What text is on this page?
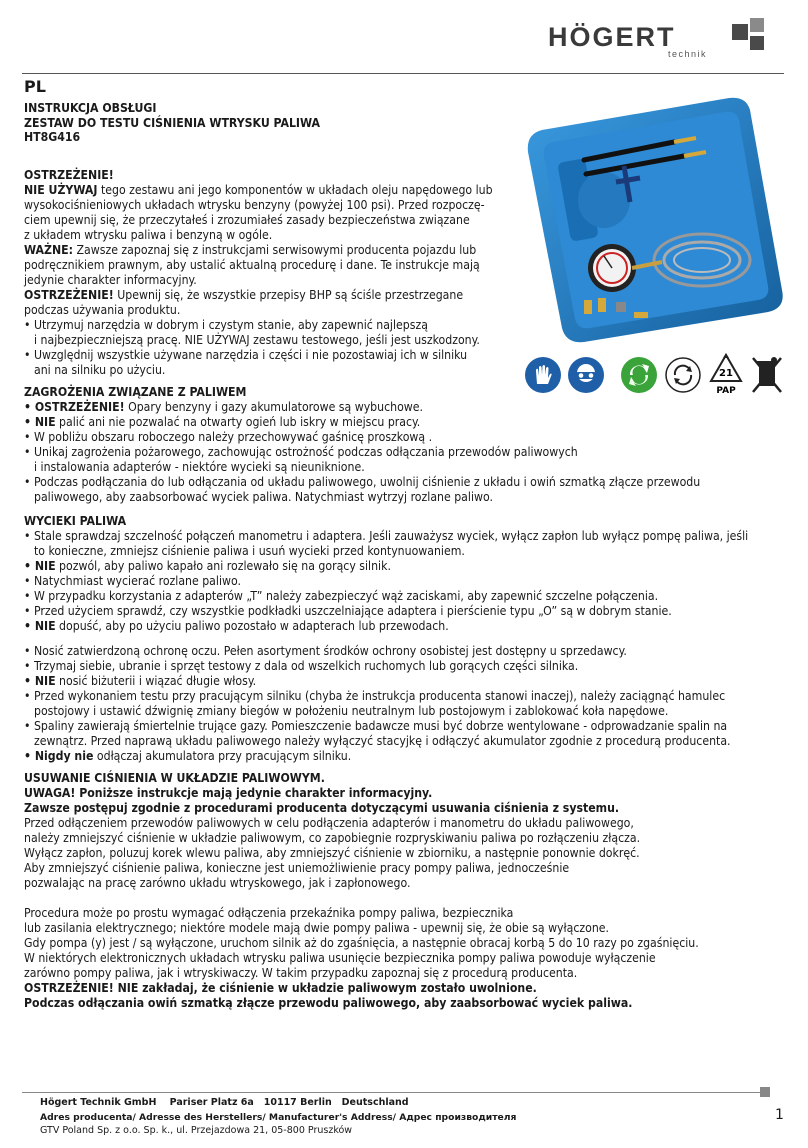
HÖGERT
technik
PL
INSTRUKCJA OBSŁUGI
ZESTAW DO TESTU CIŚNIENIA WTRYSKU PALIWA
HT8G416

OSTRZEŻENIE!

NIE UŻYWAJ tego zestawu ani jego komponentów w układach oleju napędowego lub

wysokociśnieniowych układach wtrysku benzyny (powyżej 100 psi). Przed rozpoczę-

ciem upewnij się, że przeczytałeś i zrozumiałeś zasady bezpieczeństwa związane

z układem wtrysku paliwa i benzyną w ogóle.

WAŻNE: Zawsze zapoznaj się z instrukcjami serwisowymi producenta pojazdu lub

podręcznikiem prawnym, aby ustalić aktualną procedurę i dane. Te instrukcje mają

jedynie charakter informacyjny.

OSTRZEŻENIE! Upewnij się, że wszystkie przepisy BHP są ściśle przestrzegane

podczas używania produktu.

• Utrzymuj narzędzia w dobrym i czystym stanie, aby zapewnić najlepszą

i najbezpieczniejszą pracę. NIE UŻYWAJ zestawu testowego, jeśli jest uszkodzony.

• Uwzględnij wszystkie używane narzędzia i części i nie pozostawiaj ich w silniku

ani na silniku po użyciu.	21
PAP

ZAGROŻENIA ZWIĄZANE Z PALIWEM

• OSTRZEŻENIE! Opary benzyny i gazy akumulatorowe są wybuchowe.

• NIE palić ani nie pozwalać na otwarty ogień lub iskry w miejscu pracy.

• W pobliżu obszaru roboczego należy przechowywać gaśnicę proszkową .

• Unikaj zagrożenia pożarowego, zachowując ostrożność podczas odłączania przewodów paliwowych

i instalowania adapterów - niektóre wycieki są nieuniknione.

• Podczas podłączania do lub odłączania od układu paliwowego, uwolnij ciśnienie z układu i owiń szmatką złącze przewodu

paliwowego, aby zaabsorbować wyciek paliwa. Natychmiast wytrzyj rozlane paliwo.

WYCIEKI PALIWA

• Stale sprawdzaj szczelność połączeń manometru i adaptera. Jeśli zauważysz wyciek, wyłącz zapłon lub wyłącz pompę paliwa, jeśli

to konieczne, zmniejsz ciśnienie paliwa i usuń wycieki przed kontynuowaniem.

• NIE pozwól, aby paliwo kapało ani rozlewało się na gorący silnik.

• Natychmiast wycierać rozlane paliwo.

• W przypadku korzystania z adapterów „T” należy zabezpieczyć wąż zaciskami, aby zapewnić szczelne połączenia.

• Przed użyciem sprawdź, czy wszystkie podkładki uszczelniające adaptera i pierścienie typu „O” są w dobrym stanie.

• NIE dopuść, aby po użyciu paliwo pozostało w adapterach lub przewodach.

• Nosić zatwierdzoną ochronę oczu. Pełen asortyment środków ochrony osobistej jest dostępny u sprzedawcy.

• Trzymaj siebie, ubranie i sprzęt testowy z dala od wszelkich ruchomych lub gorących części silnika.

• NIE nosić biżuterii i wiązać długie włosy.

• Przed wykonaniem testu przy pracującym silniku (chyba że instrukcja producenta stanowi inaczej), należy zaciągnąć hamulec

postojowy i ustawić dźwignię zmiany biegów w położeniu neutralnym lub postojowym i zablokować koła napędowe.

• Spaliny zawierają śmiertelnie trujące gazy. Pomieszczenie badawcze musi być dobrze wentylowane - odprowadzanie spalin na

zewnątrz. Przed naprawą układu paliwowego należy wyłączyć stacyjkę i odłączyć akumulator zgodnie z procedurą producenta.

• Nigdy nie odłączaj akumulatora przy pracującym silniku.

USUWANIE CIŚNIENIA W UKŁADZIE PALIWOWYM.

UWAGA! Poniższe instrukcje mają jedynie charakter informacyjny.

Zawsze postępuj zgodnie z procedurami producenta dotyczącymi usuwania ciśnienia z systemu.

Przed odłączeniem przewodów paliwowych w celu podłączenia adapterów i manometru do układu paliwowego,

należy zmniejszyć ciśnienie w układzie paliwowym, co zapobiegnie rozpryskiwaniu paliwa po rozłączeniu złącza.

Wyłącz zapłon, poluzuj korek wlewu paliwa, aby zmniejszyć ciśnienie w zbiorniku, a następnie ponownie dokręć.

Aby zmniejszyć ciśnienie paliwa, konieczne jest uniemożliwienie pracy pompy paliwa, jednocześnie

pozwalając na pracę zarówno układu wtryskowego, jak i zapłonowego.

Procedura może po prostu wymagać odłączenia przekaźnika pompy paliwa, bezpiecznika

lub zasilania elektrycznego; niektóre modele mają dwie pompy paliwa - upewnij się, że obie są wyłączone.

Gdy pompa (y) jest / są wyłączone, uruchom silnik aż do zgaśnięcia, a następnie obracaj korbą 5 do 10 razy po zgaśnięciu.

W niektórych elektronicznych układach wtrysku paliwa usunięcie bezpiecznika pompy paliwa powoduje wyłączenie

zarówno pompy paliwa, jak i wtryskiwaczy. W takim przypadku zapoznaj się z procedurą producenta.

OSTRZEŻENIE! NIE zakładaj, że ciśnienie w układzie paliwowym zostało uwolnione.

Podczas odłączania owiń szmatką złącze przewodu paliwowego, aby zaabsorbować wyciek paliwa.

Högert Technik GmbH    Pariser Platz 6a   10117 Berlin   Deutschland
Adres producenta/ Adresse des Herstellers/ Manufacturer's Address/ Адрес производителя
GTV Poland Sp. z o.o. Sp. k., ul. Przejazdowa 21, 05-800 Pruszków
1
